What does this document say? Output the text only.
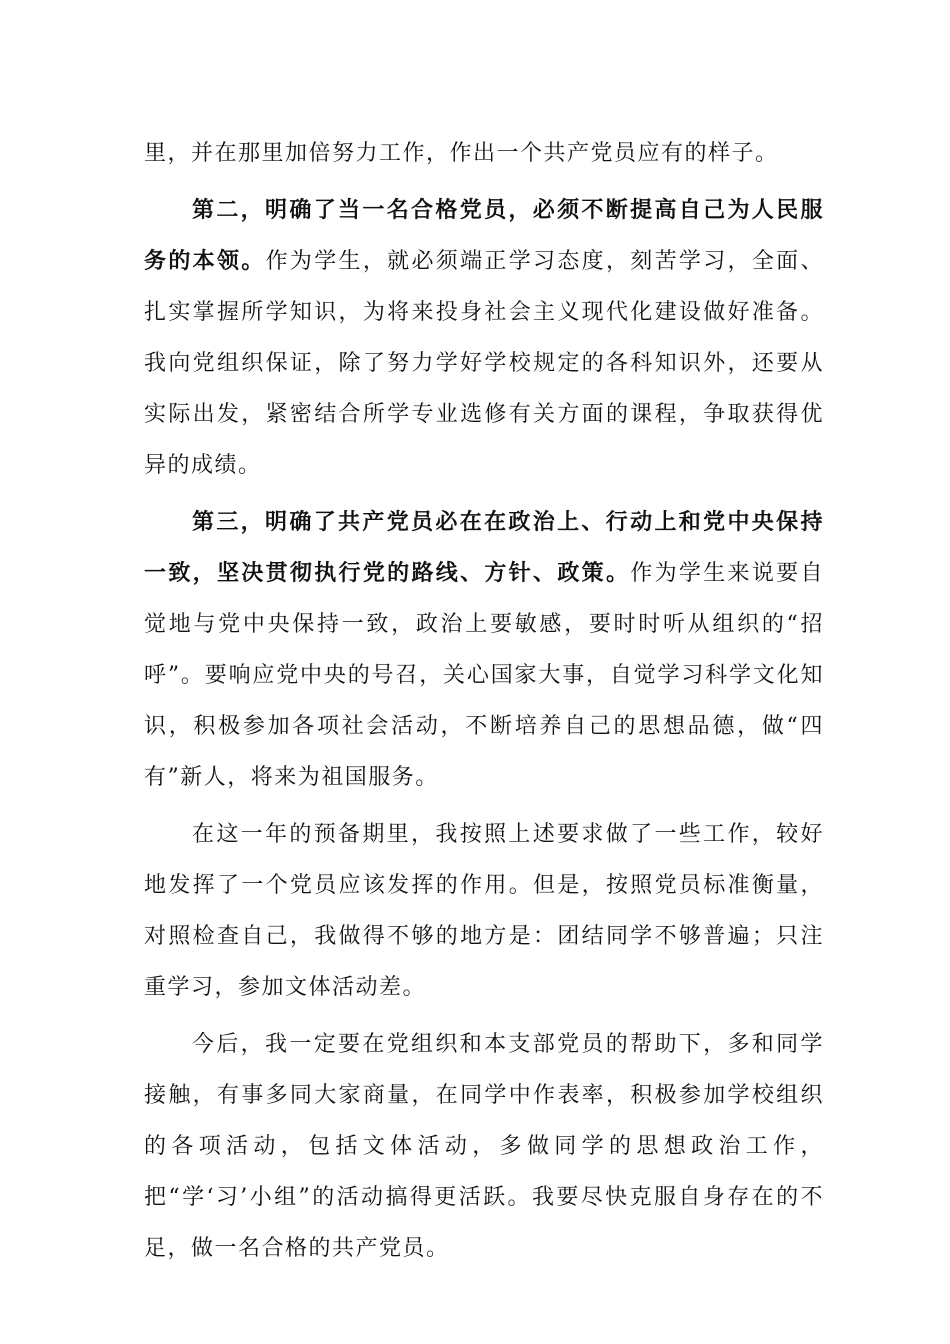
里，并在那里加倍努力工作，作出一个共产党员应有的样子。

第二，明确了当一名合格党员，必须不断提高自己为人民服务的本领。作为学生，就必须端正学习态度，刻苦学习，全面、扎实掌握所学知识，为将来投身社会主义现代化建设做好准备。我向党组织保证，除了努力学好学校规定的各科知识外，还要从实际出发，紧密结合所学专业选修有关方面的课程，争取获得优异的成绩。

第三，明确了共产党员必在在政治上、行动上和党中央保持一致，坚决贯彻执行党的路线、方针、政策。作为学生来说要自觉地与党中央保持一致，政治上要敏感，要时时听从组织的“招呼”。要响应党中央的号召，关心国家大事，自觉学习科学文化知识，积极参加各项社会活动，不断培养自己的思想品德，做“四有”新人，将来为祖国服务。

在这一年的预备期里，我按照上述要求做了一些工作，较好地发挥了一个党员应该发挥的作用。但是，按照党员标准衡量，对照检查自己，我做得不够的地方是：团结同学不够普遍；只注重学习，参加文体活动差。

今后，我一定要在党组织和本支部党员的帮助下，多和同学接触，有事多同大家商量，在同学中作表率，积极参加学校组织的各项活动，包括文体活动，多做同学的思想政治工作，把“学‘习’小组”的活动搞得更活跃。我要尽快克服自身存在的不足，做一名合格的共产党员。
